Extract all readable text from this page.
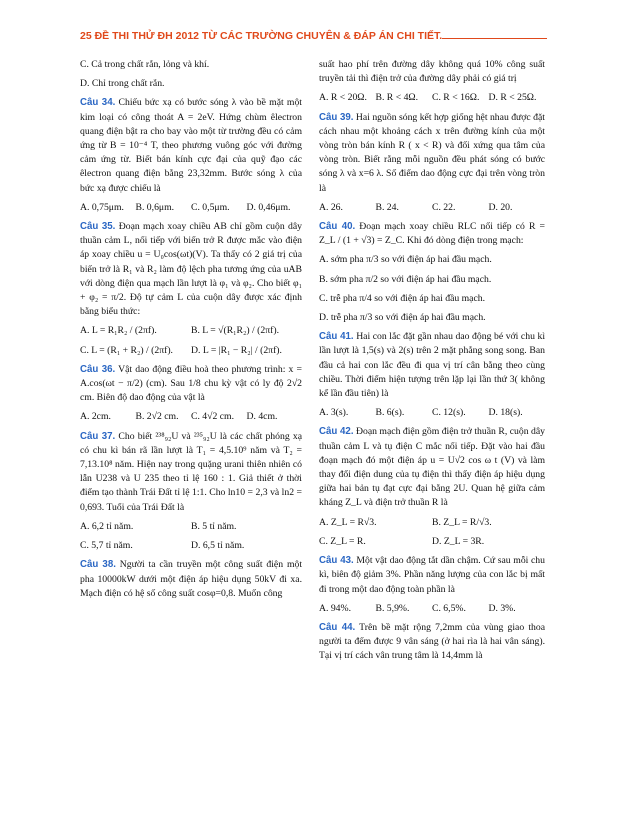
25 ĐỀ THI THỬ ĐH 2012 TỪ CÁC TRƯỜNG CHUYÊN & ĐÁP ÁN CHI TIẾT.

C. Cả trong chất rắn, lỏng và khí.

D. Chỉ trong chất rắn.

Câu 34. Chiếu bức xạ có bước sóng λ vào bề mặt một kim loại có công thoát A = 2eV. Hứng chùm êlectron quang điện bật ra cho bay vào một từ trường đều có cảm ứng từ B = 10⁻⁴ T, theo phương vuông góc với đường cảm ứng từ. Biết bán kính cực đại của quỹ đạo các êlectron quang điện bằng 23,32mm. Bước sóng λ của bức xạ được chiếu là

A. 0,75μm.	B. 0,6μm.	C. 0,5μm.	D. 0,46μm.

Câu 35. Đoạn mạch xoay chiều AB chỉ gồm cuộn dây thuần cảm L, nối tiếp với biến trở R được mắc vào điện áp xoay chiều u = U₀cos(ωt)(V). Ta thấy có 2 giá trị của biến trở là R₁ và R₂ làm độ lệch pha tương ứng của uAB với dòng điện qua mạch lần lượt là φ₁ và φ₂. Cho biết φ₁ + φ₂ = π/2. Độ tự cảm L của cuộn dây được xác định bằng biểu thức:

A. L = R₁R₂ / (2πf).	B. L = √(R₁R₂) / (2πf).
C. L = (R₁ + R₂) / (2πf).	D. L = |R₁ − R₂| / (2πf).

Câu 36. Vật dao động điều hoà theo phương trình: x = A.cos(ωt − π/2) (cm). Sau 1/8 chu kỳ vật có ly độ 2√2 cm. Biên độ dao động của vật là

A. 2cm.	B. 2√2 cm.	C. 4√2 cm.	D. 4cm.

Câu 37. Cho biết ²³⁸₉₂U và ²³⁵₉₂U là các chất phóng xạ có chu kì bán rã lần lượt là T₁ = 4,5.10⁹ năm và T₂ = 7,13.10⁸ năm. Hiện nay trong quặng urani thiên nhiên có lẫn U238 và U 235 theo tỉ lệ 160 : 1. Giả thiết ở thời điểm tạo thành Trái Đất tỉ lệ 1:1. Cho ln10 = 2,3 và ln2 = 0,693. Tuổi của Trái Đất là

A. 6,2 tỉ năm.	B. 5 tỉ năm.
C. 5,7 tỉ năm.	D. 6,5 tỉ năm.

Câu 38. Người ta cần truyền một công suất điện một pha 10000kW dưới một điện áp hiệu dụng 50kV đi xa. Mạch điện có hệ số công suất cosφ=0,8. Muốn công

suất hao phí trên đường dây không quá 10% công suất truyền tải thì điện trở của đường dây phải có giá trị

A. R < 20Ω. B. R < 4Ω.	C. R < 16Ω. D. R < 25Ω.

Câu 39. Hai nguồn sóng kết hợp giống hệt nhau được đặt cách nhau một khoảng cách x trên đường kính của một vòng tròn bán kính R ( x < R) và đối xứng qua tâm của vòng tròn. Biết rằng mỗi nguồn đều phát sóng có bước sóng λ và x=6 λ. Số điểm dao động cực đại trên vòng tròn là

A. 26.	B. 24.	C. 22.	D. 20.

Câu 40. Đoạn mạch xoay chiều RLC nối tiếp có R = Z_L / (1 + √3) = Z_C. Khi đó dòng điện trong mạch:

A. sớm pha π/3 so với điện áp hai đầu mạch.

B. sớm pha π/2 so với điện áp hai đầu mạch.

C. trễ pha π/4 so với điện áp hai đầu mạch.

D. trễ pha π/3 so với điện áp hai đầu mạch.

Câu 41. Hai con lắc đặt gần nhau dao động bé với chu kì lần lượt là 1,5(s) và 2(s) trên 2 mặt phẳng song song. Ban đầu cả hai con lắc đều đi qua vị trí cân bằng theo cùng chiều. Thời điểm hiện tượng trên lặp lại lần thứ 3( không kể lần đầu tiên) là

A. 3(s).	B. 6(s).	C. 12(s).	D. 18(s).

Câu 42. Đoạn mạch điện gồm điện trở thuần R, cuộn dây thuần cảm L và tụ điện C mắc nối tiếp. Đặt vào hai đầu đoạn mạch đó một điện áp u = U√2 cos ω t (V) và làm thay đổi điện dung của tụ điện thì thấy điện áp hiệu dụng giữa hai bản tụ đạt cực đại bằng 2U. Quan hệ giữa cảm kháng Z_L và điện trở thuần R là

A. Z_L = R√3.	B. Z_L = R/√3.
C. Z_L = R.	D. Z_L = 3R.

Câu 43. Một vật dao động tắt dần chậm. Cứ sau mỗi chu kì, biên độ giảm 3%. Phần năng lượng của con lắc bị mất đi trong một dao động toàn phần là

A. 94%.	B. 5,9%.	C. 6,5%.	D. 3%.

Câu 44. Trên bề mặt rộng 7,2mm của vùng giao thoa người ta đếm được 9 vân sáng (ở hai rìa là hai vân sáng). Tại vị trí cách vân trung tâm là 14,4mm là
